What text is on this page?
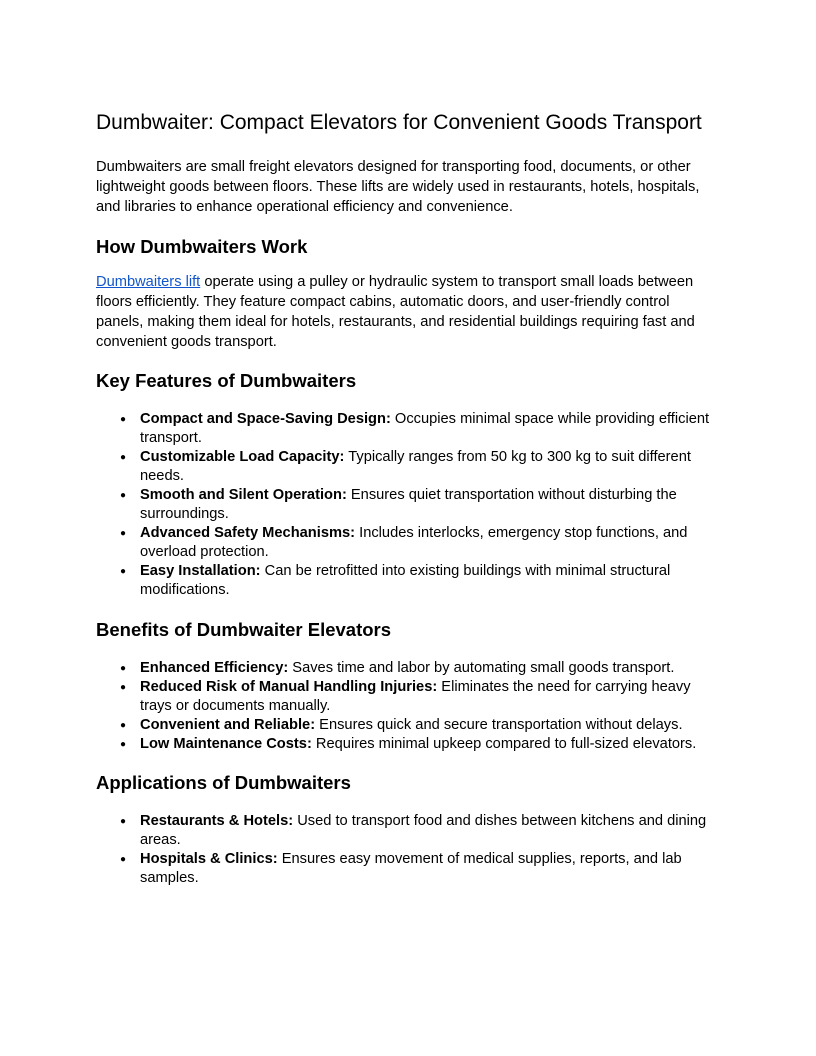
Dumbwaiter: Compact Elevators for Convenient Goods Transport

Dumbwaiters are small freight elevators designed for transporting food, documents, or other lightweight goods between floors. These lifts are widely used in restaurants, hotels, hospitals, and libraries to enhance operational efficiency and convenience.

How Dumbwaiters Work

Dumbwaiters lift operate using a pulley or hydraulic system to transport small loads between floors efficiently. They feature compact cabins, automatic doors, and user-friendly control panels, making them ideal for hotels, restaurants, and residential buildings requiring fast and convenient goods transport.

Key Features of Dumbwaiters
● Compact and Space-Saving Design: Occupies minimal space while providing efficient transport.
● Customizable Load Capacity: Typically ranges from 50 kg to 300 kg to suit different needs.
● Smooth and Silent Operation: Ensures quiet transportation without disturbing the surroundings.
● Advanced Safety Mechanisms: Includes interlocks, emergency stop functions, and overload protection.
● Easy Installation: Can be retrofitted into existing buildings with minimal structural modifications.
Benefits of Dumbwaiter Elevators
● Enhanced Efficiency: Saves time and labor by automating small goods transport.
● Reduced Risk of Manual Handling Injuries: Eliminates the need for carrying heavy trays or documents manually.
● Convenient and Reliable: Ensures quick and secure transportation without delays.
● Low Maintenance Costs: Requires minimal upkeep compared to full-sized elevators.
Applications of Dumbwaiters
● Restaurants & Hotels: Used to transport food and dishes between kitchens and dining areas.
● Hospitals & Clinics: Ensures easy movement of medical supplies, reports, and lab samples.
